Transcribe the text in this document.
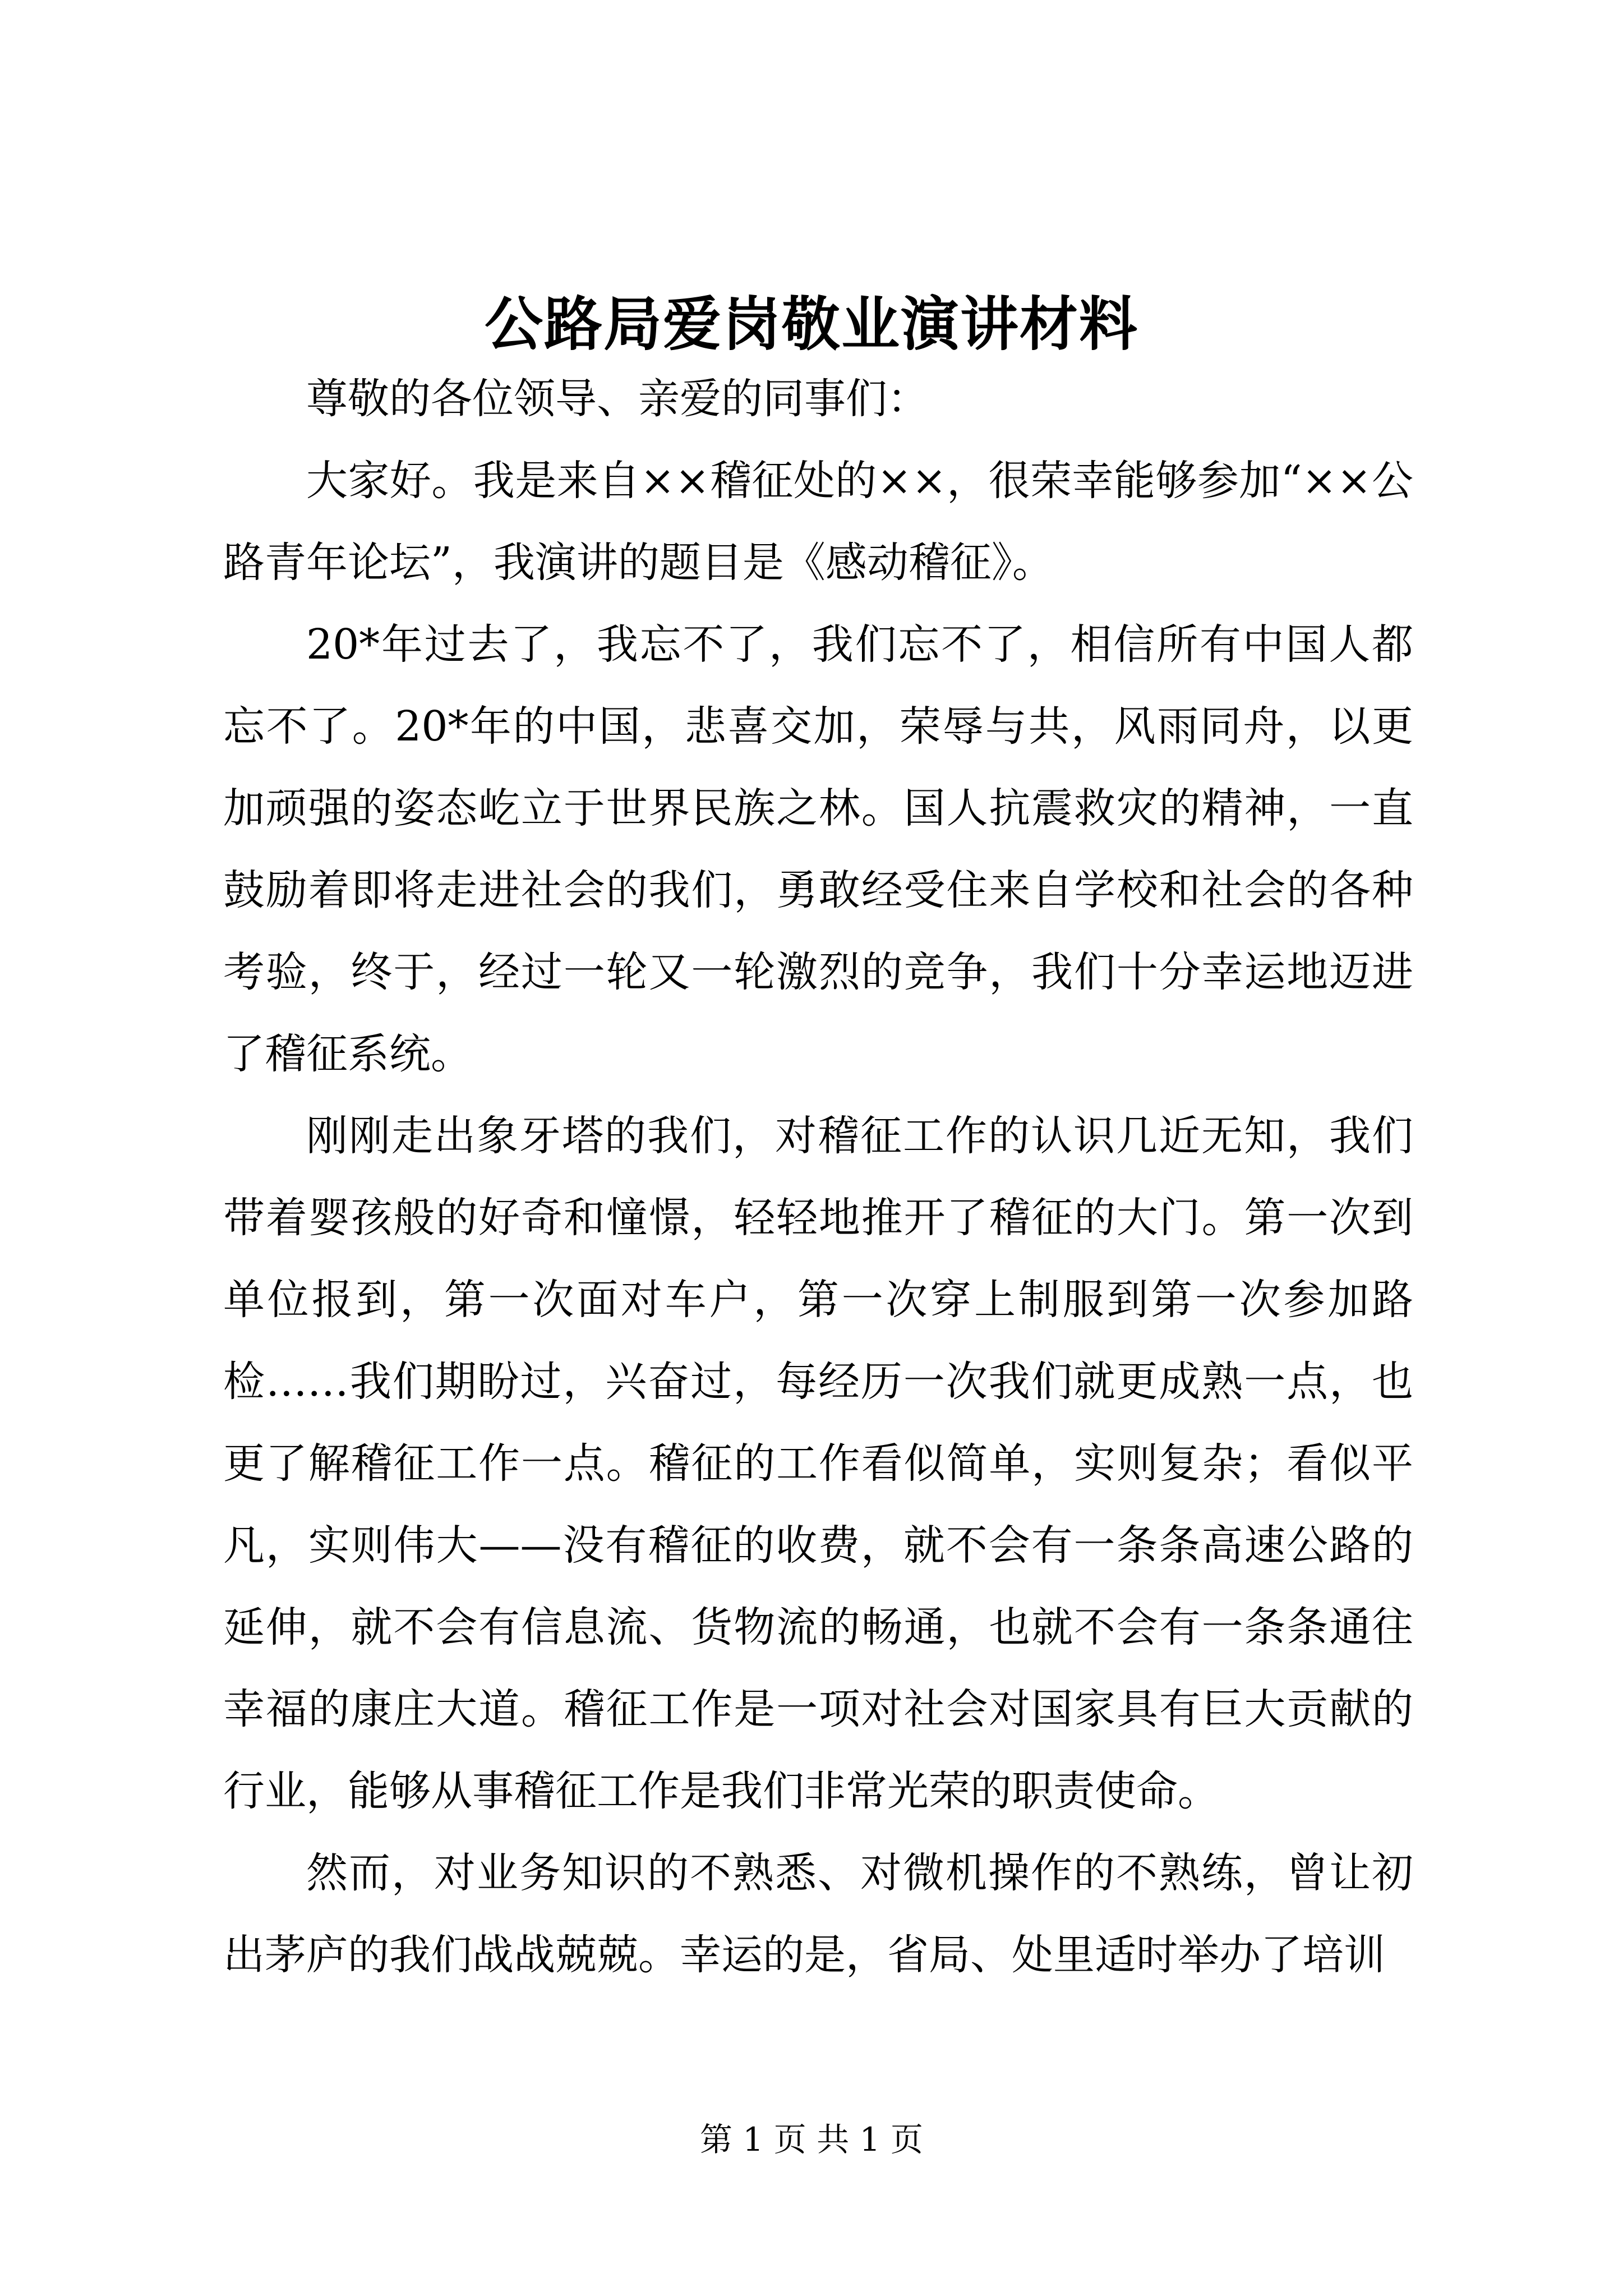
公路局爱岗敬业演讲材料

尊敬的各位领导、亲爱的同事们：

大家好。我是来自××稽征处的××，很荣幸能够参加“××公路青年论坛”，我演讲的题目是《感动稽征》。

20*年过去了，我忘不了，我们忘不了，相信所有中国人都忘不了。20*年的中国，悲喜交加，荣辱与共，风雨同舟，以更加顽强的姿态屹立于世界民族之林。国人抗震救灾的精神，一直鼓励着即将走进社会的我们，勇敢经受住来自学校和社会的各种考验，终于，经过一轮又一轮激烈的竞争，我们十分幸运地迈进了稽征系统。

刚刚走出象牙塔的我们，对稽征工作的认识几近无知，我们带着婴孩般的好奇和憧憬，轻轻地推开了稽征的大门。第一次到单位报到，第一次面对车户，第一次穿上制服到第一次参加路检……我们期盼过，兴奋过，每经历一次我们就更成熟一点，也更了解稽征工作一点。稽征的工作看似简单，实则复杂；看似平凡，实则伟大——没有稽征的收费，就不会有一条条高速公路的延伸，就不会有信息流、货物流的畅通，也就不会有一条条通往幸福的康庄大道。稽征工作是一项对社会对国家具有巨大贡献的行业，能够从事稽征工作是我们非常光荣的职责使命。

然而，对业务知识的不熟悉、对微机操作的不熟练，曾让初出茅庐的我们战战兢兢。幸运的是，省局、处里适时举办了培训

第 1 页 共 1 页
